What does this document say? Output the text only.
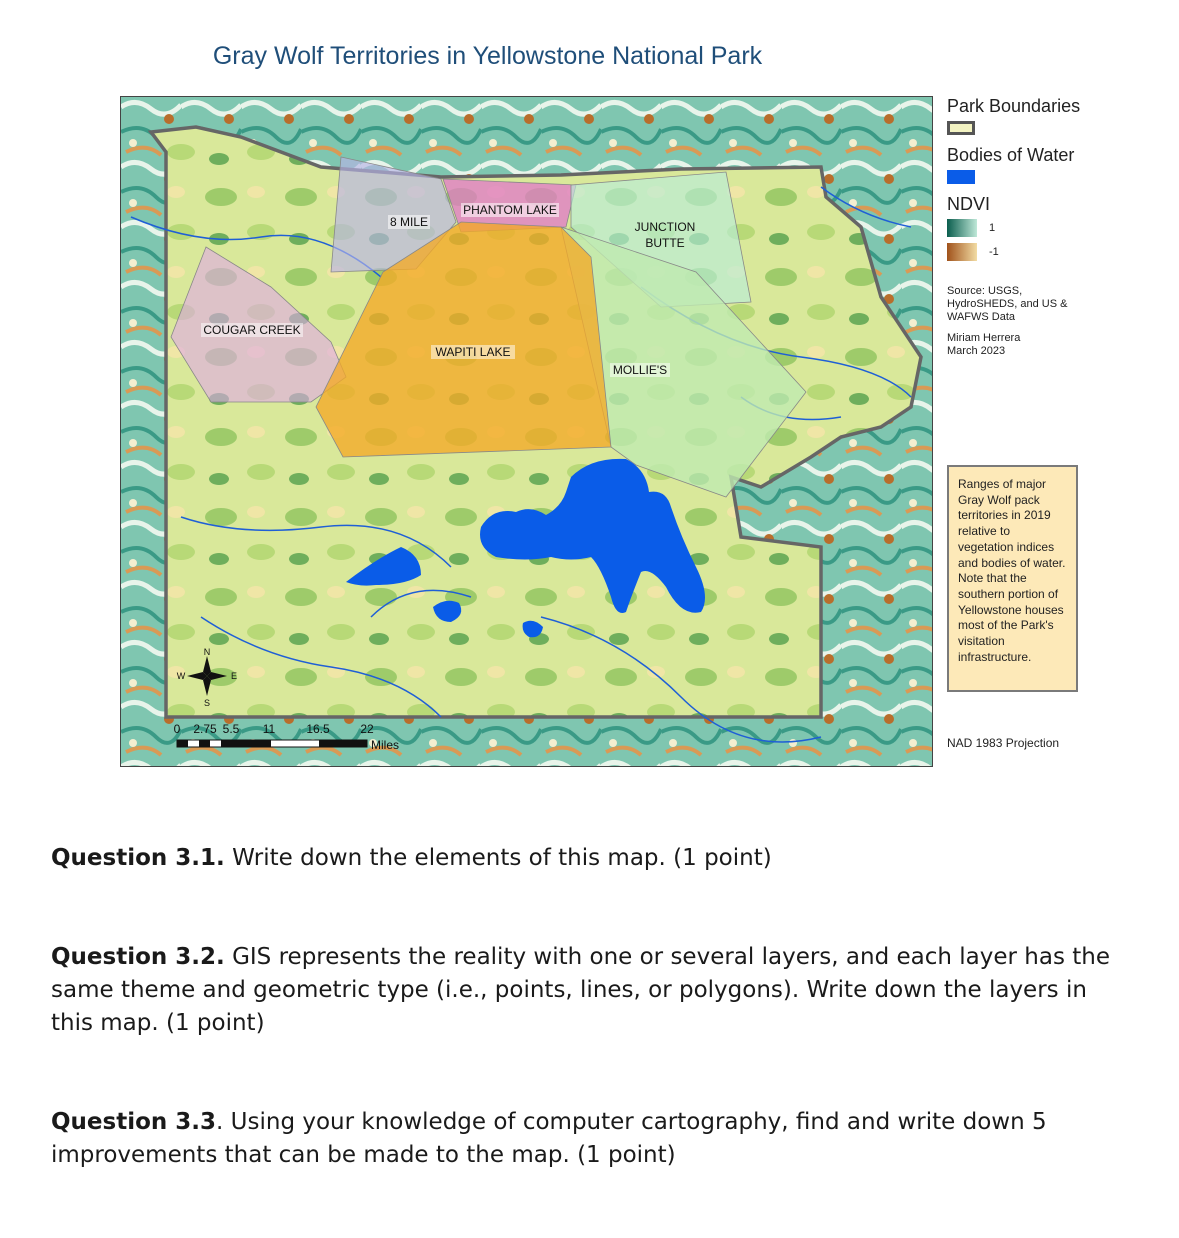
Gray Wolf Territories in Yellowstone National Park
8 MILE
PHANTOM LAKE
JUNCTION
BUTTE
COUGAR CREEK
WAPITI LAKE
MOLLIE'S
N
S
E
W
0 2.75 5.5 11	16.5	22
Miles
Park Boundaries
Bodies of Water
NDVI
1
-1
Source: USGS, HydroSHEDS, and US & WAFWS Data
Miriam Herrera
March 2023
Ranges of major Gray Wolf pack territories in 2019 relative to vegetation indices and bodies of water. Note that the southern portion of Yellowstone houses most of the Park's visitation infrastructure.
NAD 1983 Projection
Question 3.1. Write down the elements of this map. (1 point)
Question 3.2. GIS represents the reality with one or several layers, and each layer has the same theme and geometric type (i.e., points, lines, or polygons). Write down the layers in this map. (1 point)
Question 3.3. Using your knowledge of computer cartography, find and write down 5 improvements that can be made to the map. (1 point)
